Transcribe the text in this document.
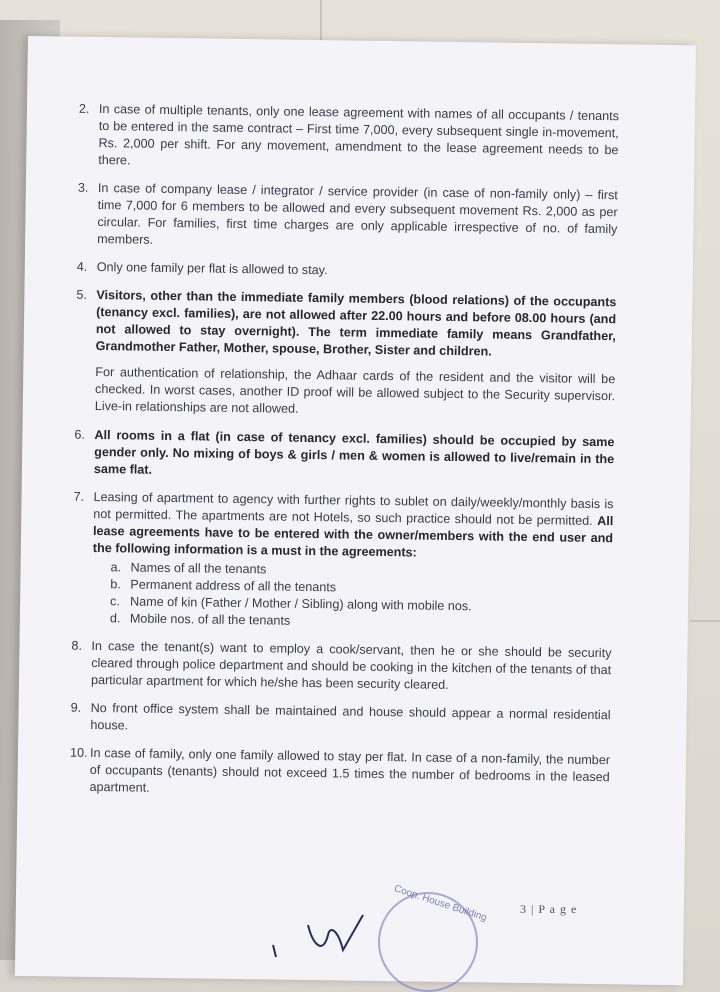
2. In case of multiple tenants, only one lease agreement with names of all occupants / tenants to be entered in the same contract – First time 7,000, every subsequent single in-movement, Rs. 2,000 per shift. For any movement, amendment to the lease agreement needs to be there.
3. In case of company lease / integrator / service provider (in case of non-family only) – first time 7,000 for 6 members to be allowed and every subsequent movement Rs. 2,000 as per circular. For families, first time charges are only applicable irrespective of no. of family members.
4. Only one family per flat is allowed to stay.
5. Visitors, other than the immediate family members (blood relations) of the occupants (tenancy excl. families), are not allowed after 22.00 hours and before 08.00 hours (and not allowed to stay overnight). The term immediate family means Grandfather, Grandmother Father, Mother, spouse, Brother, Sister and children.
For authentication of relationship, the Adhaar cards of the resident and the visitor will be checked. In worst cases, another ID proof will be allowed subject to the Security supervisor. Live-in relationships are not allowed.
6. All rooms in a flat (in case of tenancy excl. families) should be occupied by same gender only. No mixing of boys & girls / men & women is allowed to live/remain in the same flat.
7. Leasing of apartment to agency with further rights to sublet on daily/weekly/monthly basis is not permitted. The apartments are not Hotels, so such practice should not be permitted. All lease agreements have to be entered with the owner/members with the end user and the following information is a must in the agreements:
a. Names of all the tenants
b. Permanent address of all the tenants
c. Name of kin (Father / Mother / Sibling) along with mobile nos.
d. Mobile nos. of all the tenants
8. In case the tenant(s) want to employ a cook/servant, then he or she should be security cleared through police department and should be cooking in the kitchen of the tenants of that particular apartment for which he/she has been security cleared.
9. No front office system shall be maintained and house should appear a normal residential house.
10. In case of family, only one family allowed to stay per flat. In case of a non-family, the number of occupants (tenants) should not exceed 1.5 times the number of bedrooms in the leased apartment.
Coop. House Building	3 | P a g e
